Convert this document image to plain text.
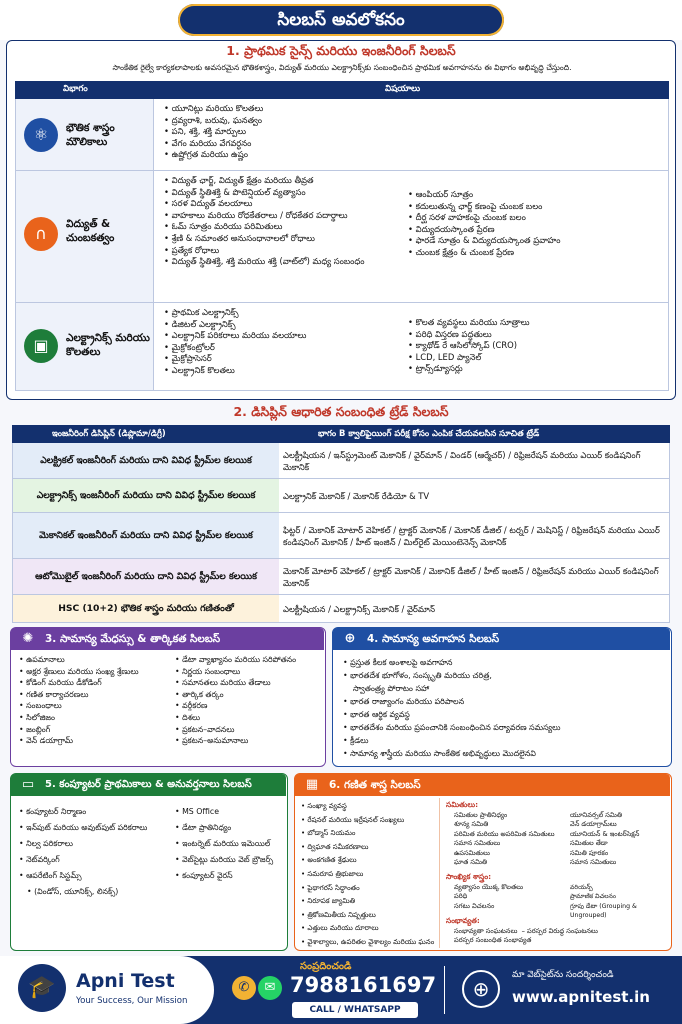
సిలబస్ అవలోకనం
1. ప్రాథమిక సైన్స్ మరియు ఇంజనీరింగ్ సిలబస్
సాంకేతిక రైల్వే కార్యకలాపాలకు అవసరమైన భౌతికశాస్త్రం, విద్యుత్ మరియు ఎలక్ట్రానిక్స్‌కు సంబంధించిన ప్రాథమిక అవగాహనను ఈ విభాగం అభివృద్ధి చేస్తుంది.
విభాగం	విషయాలు
⚛	భౌతిక శాస్త్రం మౌలికాలు
• యూనిట్లు మరియు కొలతలు
• ద్రవ్యరాశి, బరువు, ఘనత్వం
• పని, శక్తి, శక్తి మార్పులు
• వేగం మరియు వేగవర్ధనం
• ఉష్ణోగ్రత మరియు ఉష్ణం
∩	విద్యుత్ & చుంబకత్వం
• విద్యుత్ ఛార్జ్, విద్యుత్ క్షేత్రం మరియు తీవ్రత
• విద్యుత్ స్థితిశక్తి & పొటెన్షియల్ వ్యత్యాసం
• సరళ విద్యుత్ వలయాలు
• వాహకాలు మరియు రోధకేతరాలు / రోధకేతర పదార్థాలు
• ఓమ్ సూత్రం మరియు పరిమితులు
• శ్రేణి & సమాంతర అనుసంధానాలలో రోధాలు
• ప్రత్యేక రోధాలు
• విద్యుత్ స్థితిశక్తి, శక్తి మరియు శక్తి (వాట్‌లో) మధ్య సంబంధం
• ఆంపియర్ సూత్రం
• కదులుతున్న ఛార్జ్ కణంపై చుంబక బలం
• దీర్ఘ సరళ వాహకంపై చుంబక బలం
• విద్యుదయస్కాంత ప్రేరణ
• ఫారడే సూత్రం & విద్యుదయస్కాంత ప్రవాహం
• చుంబక క్షేత్రం & చుంబక ప్రేరణ
▣	ఎలక్ట్రానిక్స్ మరియు కొలతలు
• ప్రాథమిక ఎలక్ట్రానిక్స్
• డిజిటల్ ఎలక్ట్రానిక్స్
• ఎలక్ట్రానిక్ పరికరాలు మరియు వలయాలు
• మైక్రోకంట్రోలర్
• మైక్రోప్రాసెసర్
• ఎలక్ట్రానిక్ కొలతలు
• కొలత వ్యవస్థలు మరియు సూత్రాలు
• పరిధి విస్తరణ పద్ధతులు
• క్యాథోడ్ రే ఆసిలోస్కోప్ (CRO)
• LCD, LED ప్యానెల్
• ట్రాన్స్‌డ్యూసర్లు
2. డిసిప్లిన్ ఆధారిత సంబంధిత ట్రేడ్ సిలబస్
ఇంజనీరింగ్ డిసిప్లిన్ (డిప్లొమా/డిగ్రీ)	భాగం B క్వాలిఫైయింగ్ పరీక్ష కోసం ఎంపిక చేయవలసిన సూచిత ట్రేడ్
ఎలక్ట్రికల్ ఇంజనీరింగ్ మరియు దాని వివిధ స్ట్రీమ్‌ల కలయిక	ఎలక్ట్రీషియన / ఇన్‌స్ట్రుమెంట్ మెకానిక్ / వైర్‌మాన్ / విండర్ (ఆర్మేచర్) / రిఫ్రిజరేషన్ మరియు ఎయిర్ కండిషనింగ్ మెకానిక్
ఎలక్ట్రానిక్స్ ఇంజనీరింగ్ మరియు దాని వివిధ స్ట్రీమ్‌ల కలయిక	ఎలక్ట్రానిక్ మెకానిక్ / మెకానిక్ రేడియో & TV
మెకానికల్ ఇంజనీరింగ్ మరియు దాని వివిధ స్ట్రీమ్‌ల కలయిక	ఫిట్టర్ / మెకానిక్ మోటార్ వెహికల్ / ట్రాక్టర్ మెకానిక్ / మెకానిక్ డీజిల్ / టర్నర్ / మెషినిస్ట్ / రిఫ్రిజరేషన్ మరియు ఎయిర్ కండిషనింగ్ మెకానిక్ / హీట్ ఇంజిన్ / మిల్‌రైట్ మెయింటెనెన్స్ మెకానిక్
ఆటోమొబైల్ ఇంజనీరింగ్ మరియు దాని వివిధ స్ట్రీమ్‌ల కలయిక	మెకానిక్ మోటార్ వెహికల్ / ట్రాక్టర్ మెకానిక్ / మెకానిక్ డీజిల్ / హీట్ ఇంజిన్ / రిఫ్రిజరేషన్ మరియు ఎయిర్ కండిషనింగ్ మెకానిక్
HSC (10+2) భౌతిక శాస్త్రం మరియు గణితంతో	ఎలక్ట్రీషియన / ఎలక్ట్రానిక్స్ మెకానిక్ / వైర్‌మాన్
✺	3. సామాన్య మేధస్సు & తార్కికత సిలబస్
• ఉపమానాలు
• అక్షర శ్రేణులు మరియు సంఖ్య శ్రేణులు
• కోడింగ్ మరియు డీకోడింగ్
• గణిత కార్యాచరణలు
• సంబంధాలు
• సిలోజిజం
• జంబ్లింగ్
• వెన్ డయాగ్రామ్
• డేటా వ్యాఖ్యానం మరియు సరిపోతనం
• నిర్ణయ సంబంధాలు
• సమానతలు మరియు తేడాలు
• తార్కిక తర్కం
• వర్గీకరణ
• దిశలు
• ప్రకటన–వాదనలు
• ప్రకటన–అనుమానాలు
⊕	4. సామాన్య అవగాహన సిలబస్
• ప్రస్తుత కీలక అంశాలపై అవగాహన
• భారతదేశ భూగోళం, సంస్కృతి మరియు చరిత్ర,
స్వాతంత్ర్య పోరాటం సహా
• భారత రాజ్యాంగం మరియు పరిపాలన
• భారత ఆర్థిక వ్యవస్థ
• భారతదేశం మరియు ప్రపంచానికి సంబంధించిన పర్యావరణ సమస్యలు
• క్రీడలు
• సామాన్య శాస్త్రీయ మరియు సాంకేతిక అభివృద్ధులు మొదలైనవి
▭ 5. కంప్యూటర్ ప్రాథమికాలు & అనువర్తనాలు సిలబస్
• కంప్యూటర్ నిర్మాణం
• ఇన్‌పుట్ మరియు అవుట్‌పుట్ పరికరాలు
• నిల్వ పరికరాలు
• నెట్‌వర్కింగ్
• ఆపరేటింగ్ సిస్టమ్స్
• (విండోస్, యూనిక్స్, లినక్స్)
• MS Office
• డేటా ప్రాతినిధ్యం
• ఇంటర్నెట్ మరియు ఇమెయిల్
• వెబ్‌సైట్లు మరియు వెబ్ బ్రౌజర్స్
• కంప్యూటర్ వైరస్
▦ 6. గణిత శాస్త్ర సిలబస్
• సంఖ్యా వ్యవస్థ
• రేషనల్ మరియు ఇర్రేషనల్ సంఖ్యలు
• బోడ్మాస్ నియమం
• ద్విఘాత సమీకరణాలు
• అంకగణిత శ్రేఢులు
• సమరూప త్రిభుజాలు
• పైథాగరస్ సిద్ధాంతం
• నిరూపక జ్యామితి
• త్రికోణమితీయ నిష్పత్తులు
• ఎత్తులు మరియు దూరాలు
• వైశాల్యాలు, ఉపరితల వైశాల్యం మరియు ఘనం
సమితులు:
సమితుల ప్రాతినిధ్యం
శూన్య సమితి
పరిమిత మరియు అపరిమిత సమితులు
సమాన సమితులు
ఉపసమితులు
ఘాత సమితి
యూనివర్సల్ సమితి
వెన్ డయాగ్రామ్‌లు
యూనియన్ & ఇంటర్‌సెక్షన్
సమితుల తేడా
సమితి పూరకం
సమాన సమితులు
సాంఖ్యిక శాస్త్రం:
వ్యత్యాసం యొక్క కొలతలు
పరిధి
సగటు విచలనం
వరియన్స్
ప్రామాణిక విచలనం
గ్రూపు డేటా (Grouping & Ungrouped)
సంభావ్యత:
సంభావ్యతా సంఘటనలు  – పరస్పర విరుద్ధ సంఘటనలు
పరస్పర సంబంధిత సంభావ్యత
🎓	Apni Test
Your Success, Our Mission
✆	✉
సంప్రదించండి
7988161697
CALL / WHATSAPP
⊕
మా వెబ్‌సైట్‌ను సందర్శించండి
www.apnitest.in
